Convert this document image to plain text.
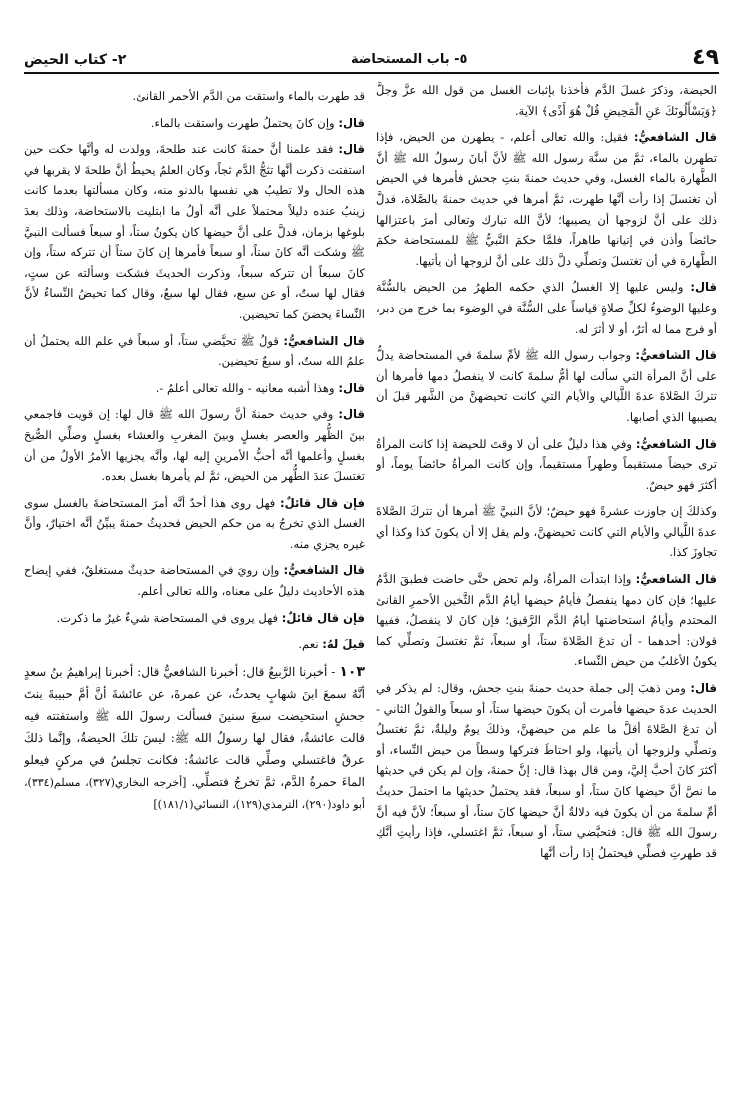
٤٩
٥- باب المستحاضة
٢- كتاب الحيض

الحيضة، وذكرَ غسلَ الدَّم فأخذنا بإثبات الغسل من قول الله عزَّ وجلَّ ﴿وَيَسْأَلُونَكَ عَنِ الْمَحِيضِ قُلْ هُوَ أَذًى﴾ الآية.

قال الشافعيُّ: فقيل: والله تعالى أعلم، - يطهرن من الحيض، فإذا تطهرن بالماء، ثمَّ من سنَّة رسول الله ﷺ لأنَّ أبانَ رسولُ الله ﷺ أنَّ الطَّهارة بالماء الغسل، وفي حديث حمنةَ بنتِ جحش فأمرها في الحيض أن تغتسلَ إذا رأت أنَّها طهرت، ثمَّ أمرها في حديث حمنةَ بالصَّلاة، فدلَّ ذلك على أنَّ لزوجها أن يصيبها؛ لأنَّ الله تبارك وتعالى أمرَ باعتزالها حائضاً وأذن في إتيانها طاهراً، فلمَّا حكمَ النَّبيُّ ﷺ للمستحاضة حكمَ الطَّهارة في أن تغتسلَ وتصلِّي دلَّ ذلك على أنَّ لزوجها أن يأتيها.

قال: وليس عليها إلا الغسلُ الذي حكمه الطهرُ من الحيض بالسُّنَّة وعليها الوضوءُ لكلِّ صلاةٍ قياساً على السُّنَّة في الوضوء بما خرج من دبر، أو فرج مما له أثرٌ، أو لا أثرَ له.

قال الشافعيُّ: وجواب رسول الله ﷺ لأمِّ سلمةَ في المستحاضة يدلُّ على أنَّ المرأة التي سألت لها أمُّ سلمةَ كانت لا ينفصلُ دمها فأمرها أن تتركَ الصَّلاةَ عدةَ اللَّيالي والأيام التي كانت تحيضهنَّ من الشَّهر قبلَ أن يصيبها الذي أصابها.

قال الشافعيُّ: وفي هذا دليلٌ على أن لا وقتَ للحيضة إذا كانت المرأةُ ترى حيضاً مستقيماً وطهراً مستقيماً، وإن كانت المرأةُ حائضاً يوماً، أو أكثرَ فهو حيضٌ.

وكذلكَ إن جاوزت عشرةً فهو حيضٌ؛ لأنَّ النبيَّ ﷺ أمرها أن تتركَ الصَّلاةَ عدةَ اللَّيالي والأيام التي كانت تحيضهنَّ، ولم يقل إلا أن يكونَ كذا وكذا أي تجاوزَ كذا.

قال الشافعيُّ: وإذا ابتدأت المرأةُ، ولم تحض حتَّى حاضت فطبقَ الدَّمُ عليها؛ فإن كان دمها ينفصلُ فأيامُ حيضها أيامُ الدَّم الثَّخين الأحمرِ القانئ المحتدم وأيامُ استحاضتها أيامُ الدَّم الرَّقيق؛ فإن كانَ لا ينفصلُ، ففيها قولان: أحدهما - أن تدعَ الصَّلاةَ ستاً، أو سبعاً، ثمَّ تغتسلَ وتصلِّي كما يكونُ الأغلبُ من حيض النِّساء.

قال: ومن ذهبَ إلى جملة حديث حمنةَ بنتِ جحش، وقال: لم يذكر في الحديث عدةَ حيضها فأمرت أن يكونَ حيضها ستاً، أو سبعاً والقولُ الثاني - أن تدعَ الصَّلاةَ أقلَّ ما علم من حيضهنَّ، وذلكَ يومٌ وليلةٌ، ثمَّ تغتسلُ وتصلِّي ولزوجها أن يأتيها، ولو احتاطَ فتركها وسطاً من حيض النِّساء، أو أكثرَ كانَ أحبَّ إليَّ، ومن قال بهذا قال: إنَّ حمنةَ، وإن لم يكن في حديثها ما نصَّ أنَّ حيضها كانَ ستاً، أو سبعاً، فقد يحتملُ حديثها ما احتملَ حديثُ أمِّ سلمةَ من أن يكونَ فيه دلالةٌ أنَّ حيضها كانَ ستاً، أو سبعاً؛ لأنَّ فيه أنَّ رسولَ الله ﷺ قال: فتحيَّضي ستاً، أو سبعاً، ثمَّ اغتسلي، فإذا رأيتِ أنَّكِ قد طهرتِ فصلِّي فيحتملُ إذا رأت أنَّها

قد طهرت بالماء واستقت من الدَّم الأحمر القانئ.

قال: وإن كانَ يحتملُ طهرت واستقت بالماء.

قال: فقد علمنا أنَّ حمنةَ كانت عند طلحةَ، وولدت له وأنَّها حكت حين استفتت ذكرت أنَّها تثجُّ الدَّم ثجاً، وكان العلمُ يحيطُ أنَّ طلحةَ لا يقربها في هذه الحال ولا تطيبُ هي نفسها بالدنو منه، وكان مسألتها بعدما كانت زينبُ عنده دليلاً محتملاً على أنَّه أولُ ما ابتليت بالاستحاضة، وذلك بعدَ بلوغها بزمان، فدلَّ على أنَّ حيضها كان يكونُ ستاً، أو سبعاً فسألت النبيَّ ﷺ وشكت أنَّه كانَ ستاً، أو سبعاً فأمرها إن كانَ ستاً أن تتركه ستاً، وإن كانَ سبعاً أن تتركه سبعاً، وذكرت الحديثَ فشكت وسألته عن ستٍ، فقال لها ستٌ، أو عن سبع، فقال لها سبعٌ، وقال كما تحيضُ النِّساءُ لأنَّ النِّساءَ يحضنَ كما تحيضين.

قال الشافعيُّ: قولُ ﷺ تحيَّضي ستاً، أو سبعاً في علم الله يحتملُ أن علمُ الله ستٌ، أو سبعٌ تحيضين.

قال: وهذا أشبه معانيه - والله تعالى أعلمُ -.

قال: وفي حديث حمنةَ أنَّ رسولَ الله ﷺ قال لها: إن قويت فاجمعي بينَ الظُّهر والعصر بغسلٍ وبينَ المغربِ والعشاء بغسلٍ وصلِّي الصُّبحَ بغسلٍ وأعلمها أنَّه أحبُّ الأمرينِ إليه لها، وأنَّه يجزيها الأمرُ الأولُ من أن تغتسلَ عندَ الطُّهر من الحيض، ثمَّ لم يأمرها بغسل بعده.

فإن قال قائلٌ: فهل روى هذا أحدٌ أنَّه أمرَ المستحاضةَ بالغسل سوى الغسل الذي تخرجُ به من حكم الحيض فحديثُ حمنةَ يبيِّنُ أنَّه اختيارٌ، وأنَّ غيره يجزي منه.

قال الشافعيُّ: وإن رويَ في المستحاضة حديثٌ مستغلقٌ، ففي إيضاح هذه الأحاديث دليلٌ على معناه، والله تعالى أعلم.

فإن قال قائلٌ: فهل يروى في المستحاضة شيءٌ غيرُ ما ذكرت.

قيلَ لهُ: نعم.

١٠٣ - أخبرنا الرَّبيعُ قال: أخبرنا الشافعيُّ قال: أخبرنا إبراهيمُ بنُ سعدٍ أنَّهُ سمعَ ابنَ شهابٍ يحدثُ، عن عمرةَ، عن عائشةَ أنَّ أمَّ حبيبةَ بنتَ جحشٍ استحيضت سبعَ سنينَ فسألت رسولَ الله ﷺ واستفتته فيه قالت عائشةُ، فقال لها رسولُ الله ﷺ: ليسَ تلكَ الحيضةُ، وإنَّما ذلكَ عرقٌ فاغتسلي وصلِّي قالت عائشةُ: فكانت تجلسُ في مركنٍ فيعلو الماءَ حمرةُ الدَّم، ثمَّ تخرجُ فتصلِّي. [أخرجه البخاري(٣٢٧)، مسلم(٣٣٤)، أبو داود(٢٩٠)، الترمذي(١٢٩)، النسائي(١٨١/١)]
